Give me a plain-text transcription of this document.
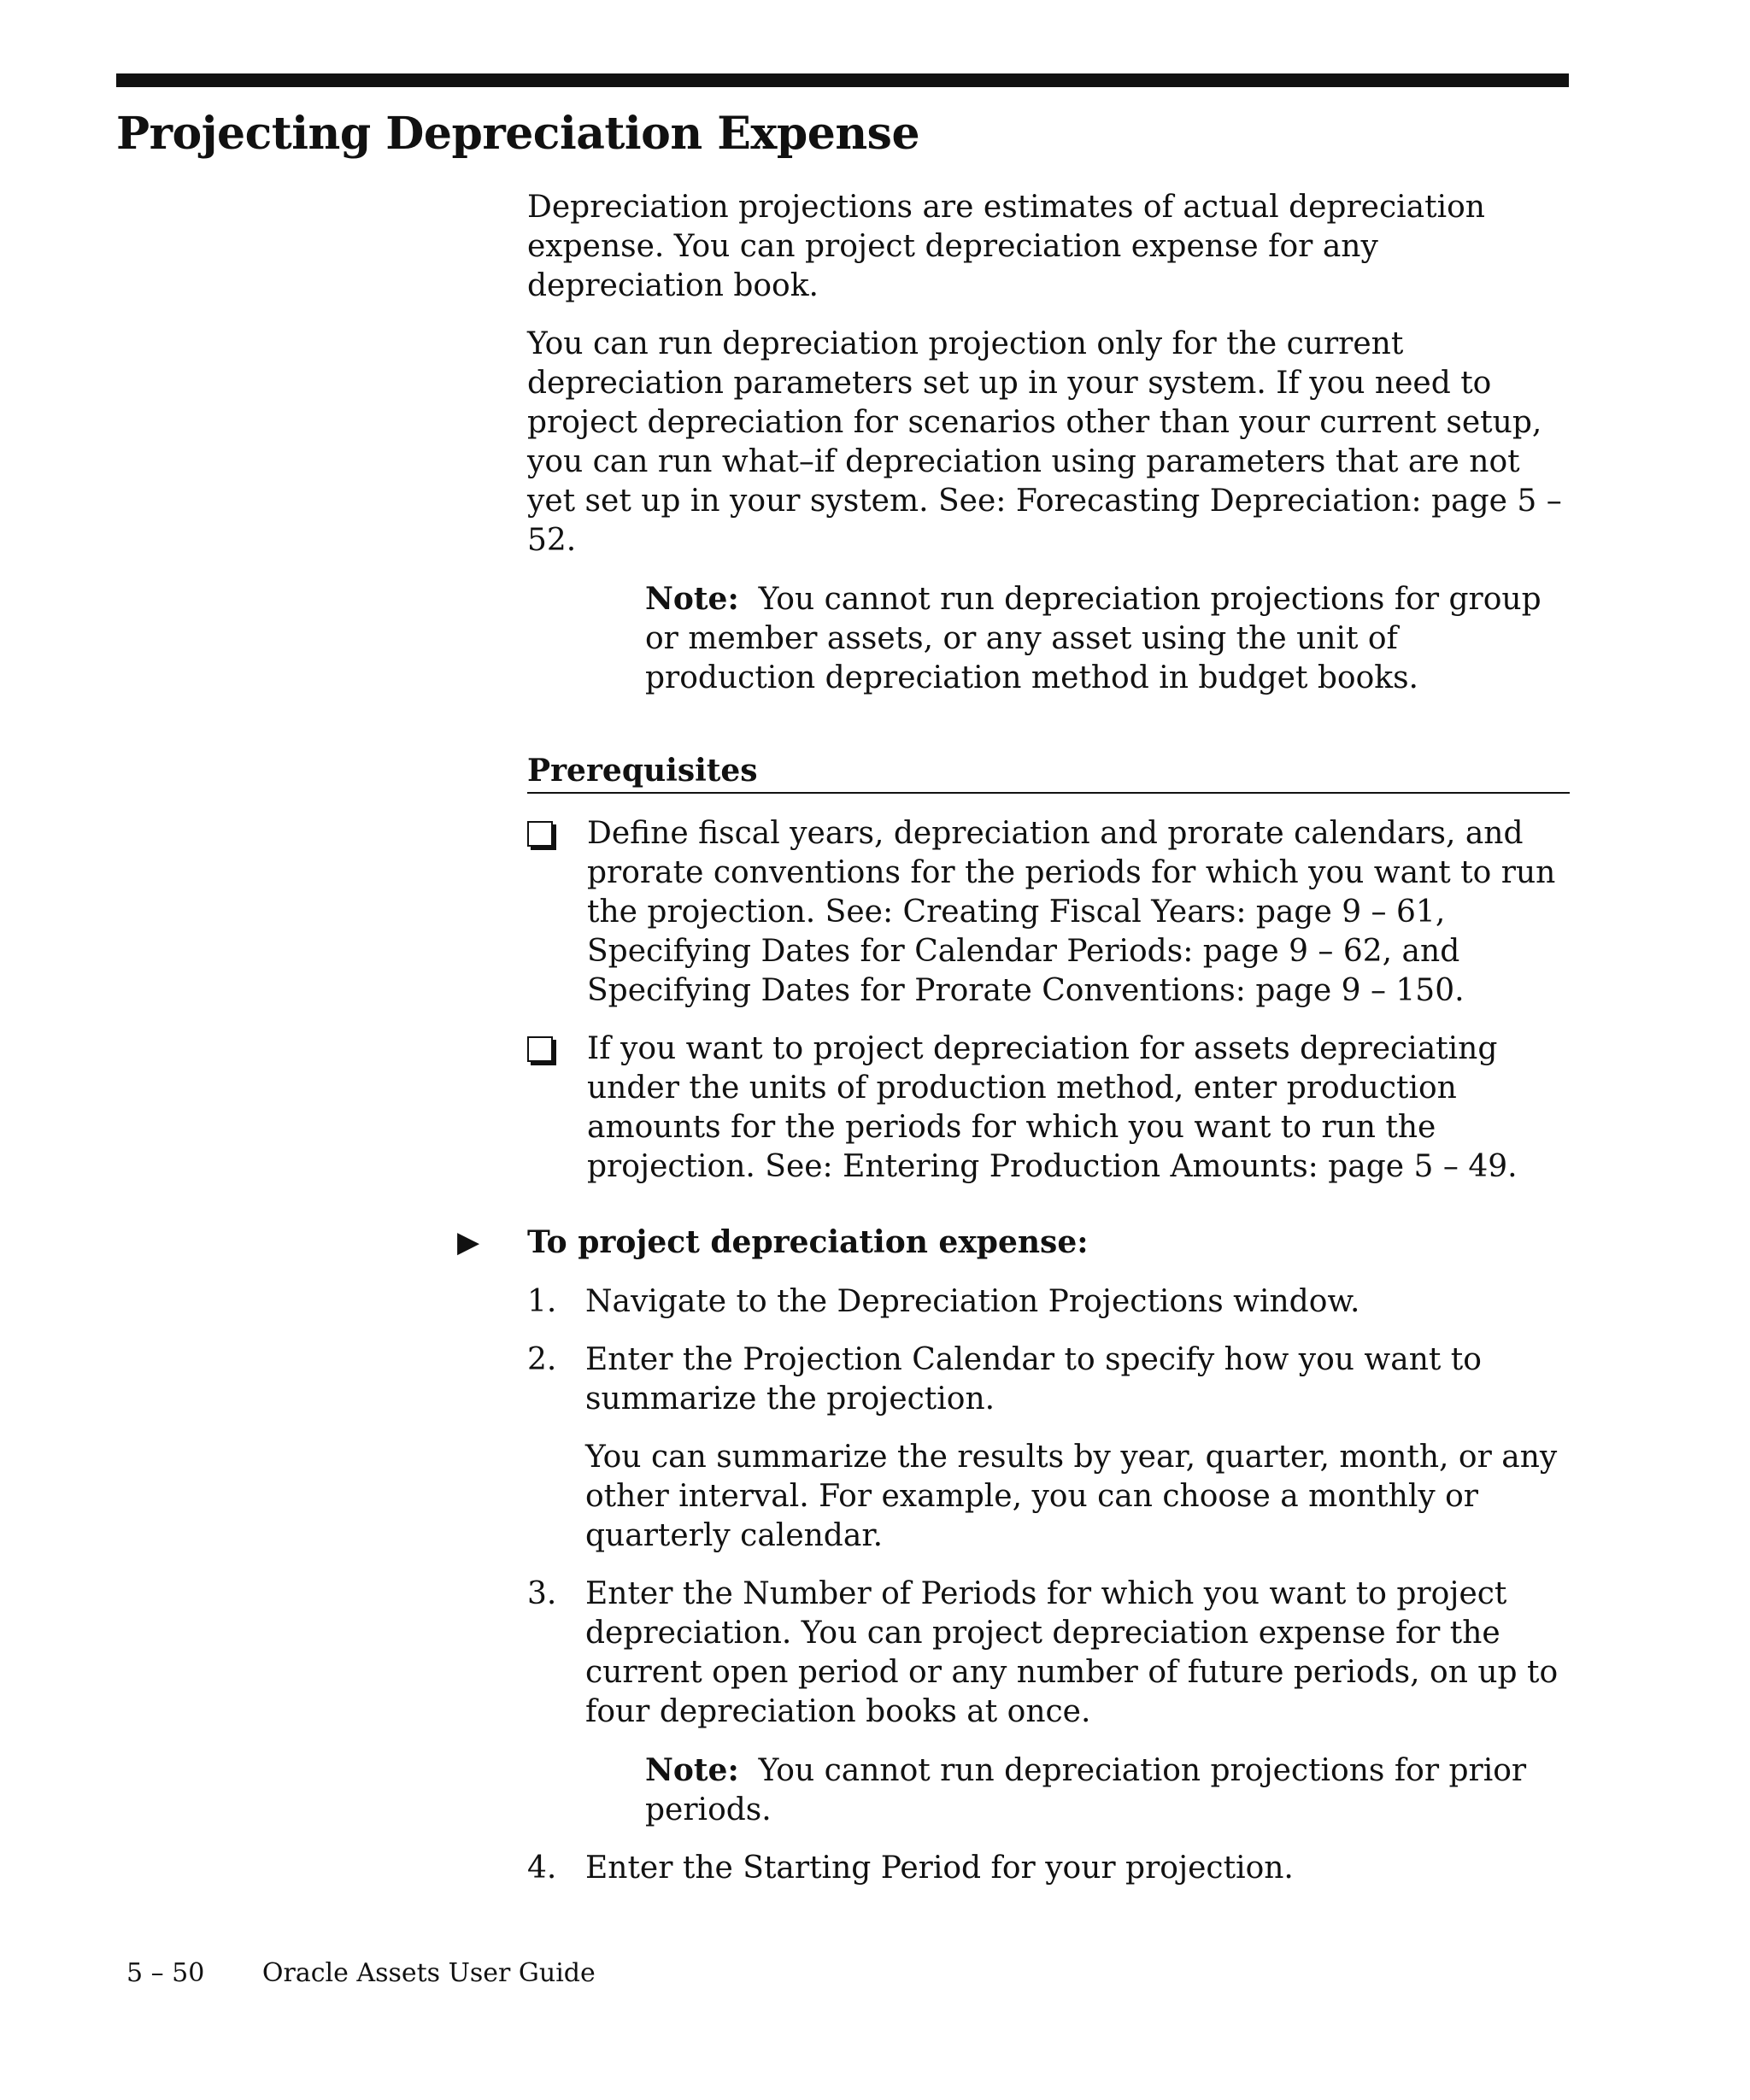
Projecting Depreciation Expense

Depreciation projections are estimates of actual depreciation expense. You can project depreciation expense for any depreciation book.

You can run depreciation projection only for the current depreciation parameters set up in your system. If you need to project depreciation for scenarios other than your current setup, you can run what–if depreciation using parameters that are not yet set up in your system. See: Forecasting Depreciation: page 5 – 52.

Note: You cannot run depreciation projections for group or member assets, or any asset using the unit of production depreciation method in budget books.

Prerequisites
Define fiscal years, depreciation and prorate calendars, and prorate conventions for the periods for which you want to run the projection. See: Creating Fiscal Years: page 9 – 61, Specifying Dates for Calendar Periods: page 9 – 62, and Specifying Dates for Prorate Conventions: page 9 – 150.
If you want to project depreciation for assets depreciating under the units of production method, enter production amounts for the periods for which you want to run the projection. See: Entering Production Amounts: page 5 – 49.
▶ To project depreciation expense:
1. Navigate to the Depreciation Projections window.

2. Enter the Projection Calendar to specify how you want to summarize the projection.

You can summarize the results by year, quarter, month, or any other interval. For example, you can choose a monthly or quarterly calendar.

3. Enter the Number of Periods for which you want to project depreciation. You can project depreciation expense for the current open period or any number of future periods, on up to four depreciation books at once.

Note: You cannot run depreciation projections for prior periods.

4. Enter the Starting Period for your projection.

5 – 50 Oracle Assets User Guide
